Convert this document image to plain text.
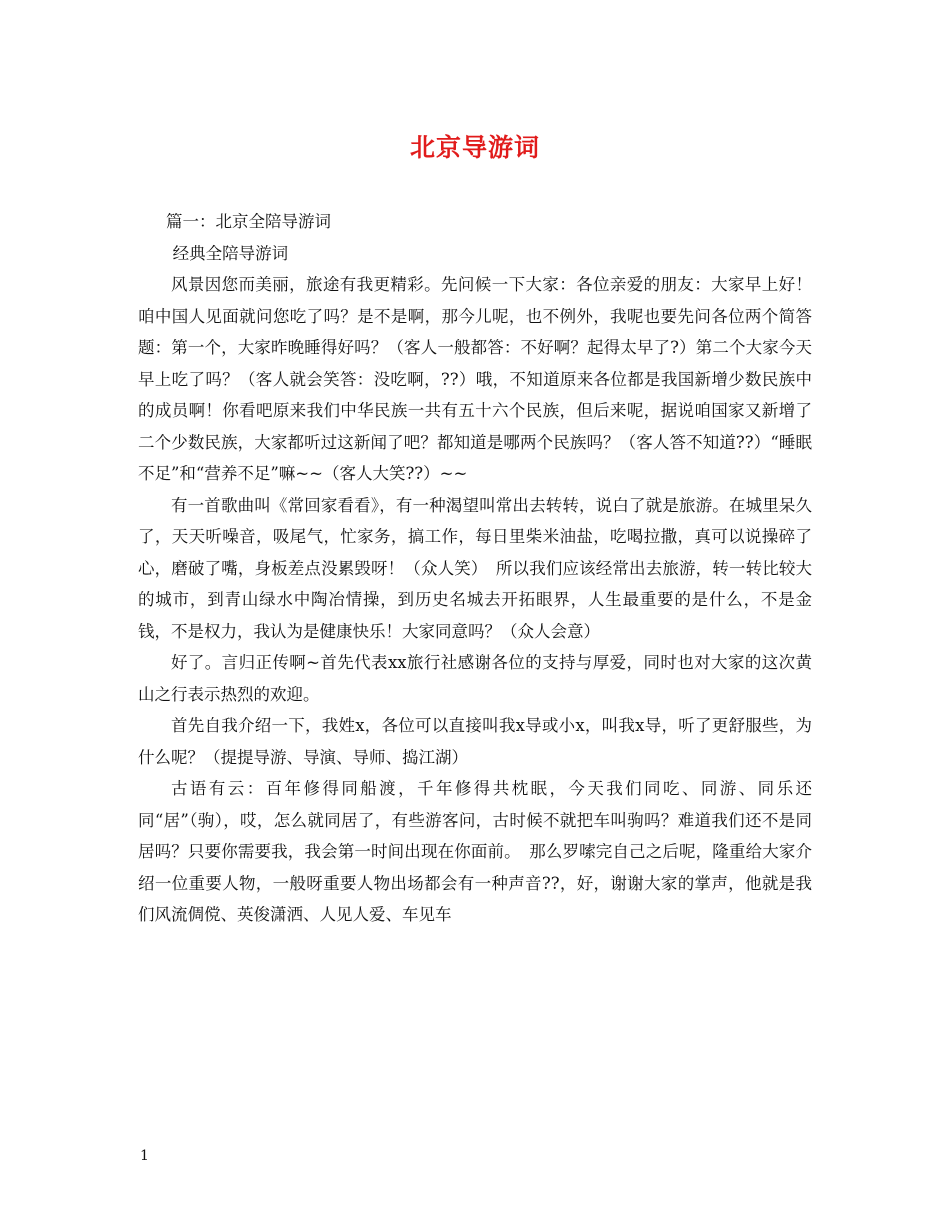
北京导游词

篇一：北京全陪导游词

经典全陪导游词

风景因您而美丽，旅途有我更精彩。先问候一下大家：各位亲爱的朋友：大家早上好！咱中国人见面就问您吃了吗？是不是啊，那今儿呢，也不例外，我呢也要先问各位两个简答题：第一个，大家昨晚睡得好吗？（客人一般都答：不好啊？起得太早了?）第二个大家今天早上吃了吗？（客人就会笑答：没吃啊，??）哦，不知道原来各位都是我国新增少数民族中的成员啊！你看吧原来我们中华民族一共有五十六个民族，但后来呢，据说咱国家又新增了二个少数民族，大家都听过这新闻了吧？都知道是哪两个民族吗？（客人答不知道??）“睡眠不足”和“营养不足”嘛~~（客人大笑??）~~

有一首歌曲叫《常回家看看》，有一种渴望叫常出去转转，说白了就是旅游。在城里呆久了，天天听噪音，吸尾气，忙家务，搞工作，每日里柴米油盐，吃喝拉撒，真可以说操碎了心，磨破了嘴，身板差点没累毁呀！（众人笑）　所以我们应该经常出去旅游，转一转比较大的城市，到青山绿水中陶冶情操，到历史名城去开拓眼界，人生最重要的是什么，不是金钱，不是权力，我认为是健康快乐！大家同意吗？（众人会意）

好了。言归正传啊~首先代表xx旅行社感谢各位的支持与厚爱，同时也对大家的这次黄山之行表示热烈的欢迎。

首先自我介绍一下，我姓x，各位可以直接叫我x导或小x，叫我x导，听了更舒服些，为什么呢？（提提导游、导演、导师、捣江湖）

古语有云：百年修得同船渡，千年修得共枕眠，今天我们同吃、同游、同乐还同“居”（驹），哎，怎么就同居了，有些游客问，古时候不就把车叫驹吗？难道我们还不是同居吗？只要你需要我，我会第一时间出现在你面前。　那么罗嗦完自己之后呢，隆重给大家介绍一位重要人物，一般呀重要人物出场都会有一种声音??，好，谢谢大家的掌声，他就是我们风流倜傥、英俊潇洒、人见人爱、车见车

1
